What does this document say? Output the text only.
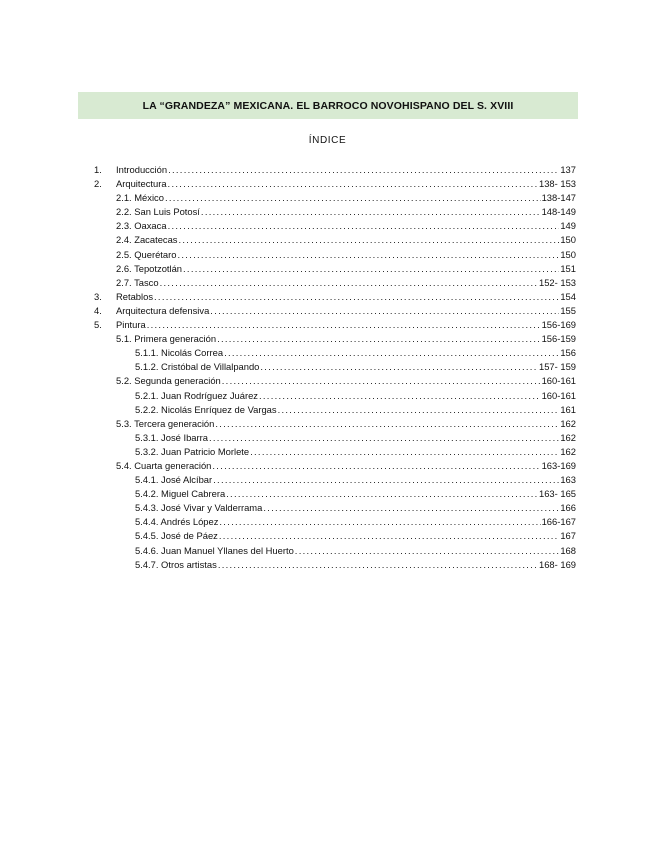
LA “GRANDEZA” MEXICANA. EL BARROCO NOVOHISPANO DEL S. XVIII
ÍNDICE
1.	Introducción .....	137
2.	Arquitectura .....	138- 153
2.1. México .....	138-147
2.2. San Luis Potosí .....	148-149
2.3. Oaxaca .....	149
2.4. Zacatecas .....	150
2.5. Querétaro .....	150
2.6. Tepotzotlán .....	151
2.7. Tasco .....	152- 153
3.	Retablos .....	154
4.	Arquitectura defensiva .....	155
5.	Pintura .....	156-169
5.1. Primera generación .....	156-159
5.1.1. Nicolás Correa .....	156
5.1.2. Cristóbal de Villalpando .....	157- 159
5.2. Segunda generación .....	160-161
5.2.1. Juan Rodríguez Juárez .....	160-161
5.2.2. Nicolás Enríquez de Vargas .....	161
5.3. Tercera generación .....	162
5.3.1. José Ibarra .....	162
5.3.2. Juan Patricio Morlete .....	162
5.4. Cuarta generación .....	163-169
5.4.1. José Alcíbar .....	163
5.4.2. Miguel Cabrera .....	163- 165
5.4.3. José Vivar y Valderrama .....	166
5.4.4. Andrés López .....	166-167
5.4.5. José de Páez .....	167
5.4.6. Juan Manuel Yllanes del Huerto .....	168
5.4.7. Otros artistas .....	168- 169
